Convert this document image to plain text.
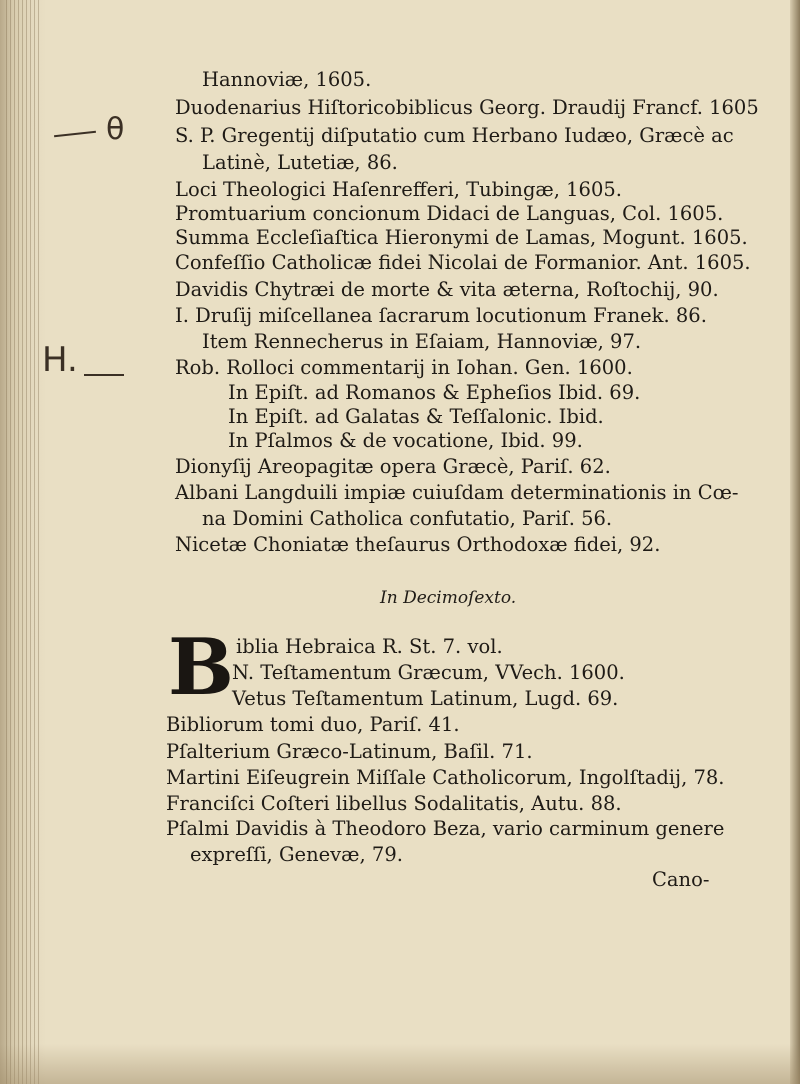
θ
H.
Hannoviæ, 1605.
Duodenarius Hiſtoricobiblicus Georg. Draudij Francf. 1605
S. P. Gregentij diſputatio cum Herbano Iudæo, Græcè ac
Latinè, Lutetiæ, 86.
Loci Theologici Haſenrefferi, Tubingæ, 1605.
Promtuarium concionum Didaci de Languas, Col. 1605.
Summa Eccleſiaſtica Hieronymi de Lamas, Mogunt. 1605.
Confeſſio Catholicæ fidei Nicolai de Formanior. Ant. 1605.
Davidis Chytræi de morte & vita æterna, Roſtochij, 90.
I. Druſij miſcellanea ſacrarum locutionum Franek. 86.
Item Rennecherus in Eſaiam, Hannoviæ, 97.
Rob. Rolloci commentarij in Iohan. Gen. 1600.
In Epiſt. ad Romanos & Epheſios Ibid. 69.
In Epiſt. ad Galatas & Teſſalonic. Ibid.
In Pſalmos & de vocatione, Ibid. 99.
Dionyſij Areopagitæ opera Græcè, Pariſ. 62.
Albani Langduili impiæ cuiuſdam determinationis in Cœ-
na Domini Catholica confutatio, Pariſ. 56.
Nicetæ Choniatæ theſaurus Orthodoxæ fidei, 92.
In Decimoſexto.
B iblia Hebraica R. St. 7. vol.
N. Teſtamentum Græcum, VVech. 1600.
Vetus Teſtamentum Latinum, Lugd. 69.
Bibliorum tomi duo, Pariſ. 41.
Pſalterium Græco-Latinum, Baſil. 71.
Martini Eiſeugrein Miſſale Catholicorum, Ingolſtadij, 78.
Franciſci Coſteri libellus Sodalitatis, Autu. 88.
Pſalmi Davidis à Theodoro Beza, vario carminum genere
expreſſi, Genevæ, 79.
Cano-
